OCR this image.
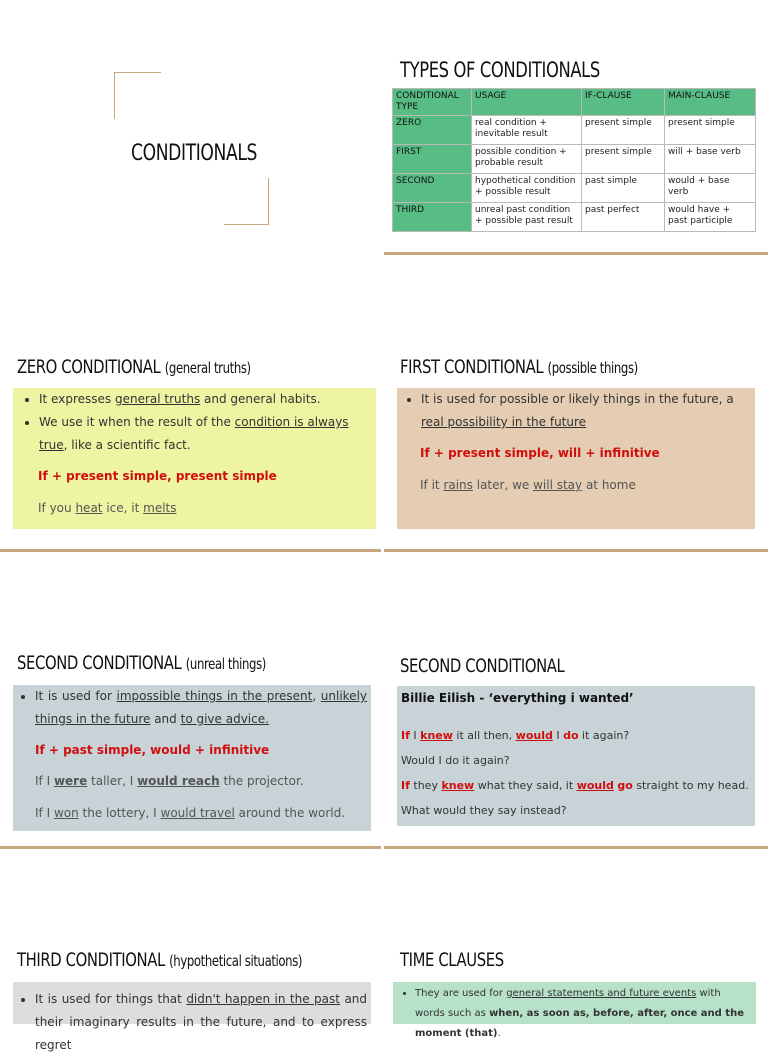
CONDITIONALS
TYPES OF CONDITIONALS
CONDITIONAL TYPE	USAGE	IF-CLAUSE	MAIN-CLAUSE
ZERO	real condition + inevitable result	present simple	present simple
FIRST	possible condition + probable result	present simple	will + base verb
SECOND	hypothetical condition + possible result	past simple	would + base verb
THIRD	unreal past condition + possible past result	past perfect	would have + past participle
ZERO CONDITIONAL (general truths)
• It expresses general truths and general habits.
• We use it when the result of the condition is always true, like a scientific fact.
If + present simple, present simple
If you heat ice, it melts
FIRST CONDITIONAL (possible things)
• It is used for possible or likely things in the future, a real possibility in the future
If + present simple, will + infinitive
If it rains later, we will stay at home
SECOND CONDITIONAL (unreal things)
• It is used for impossible things in the present, unlikely things in the future and to give advice.
If + past simple, would + infinitive
If I were taller, I would reach the projector.
If I won the lottery, I would travel around the world.
SECOND CONDITIONAL
Billie Eilish - ‘everything i wanted’
If I knew it all then, would I do it again?
Would I do it again?
If they knew what they said, it would go straight to my head.
What would they say instead?
THIRD CONDITIONAL (hypothetical situations)
• It is used for things that didn't happen in the past and their imaginary results in the future, and to express regret
TIME CLAUSES
• They are used for general statements and future events with words such as when, as soon as, before, after, once and the moment (that).
